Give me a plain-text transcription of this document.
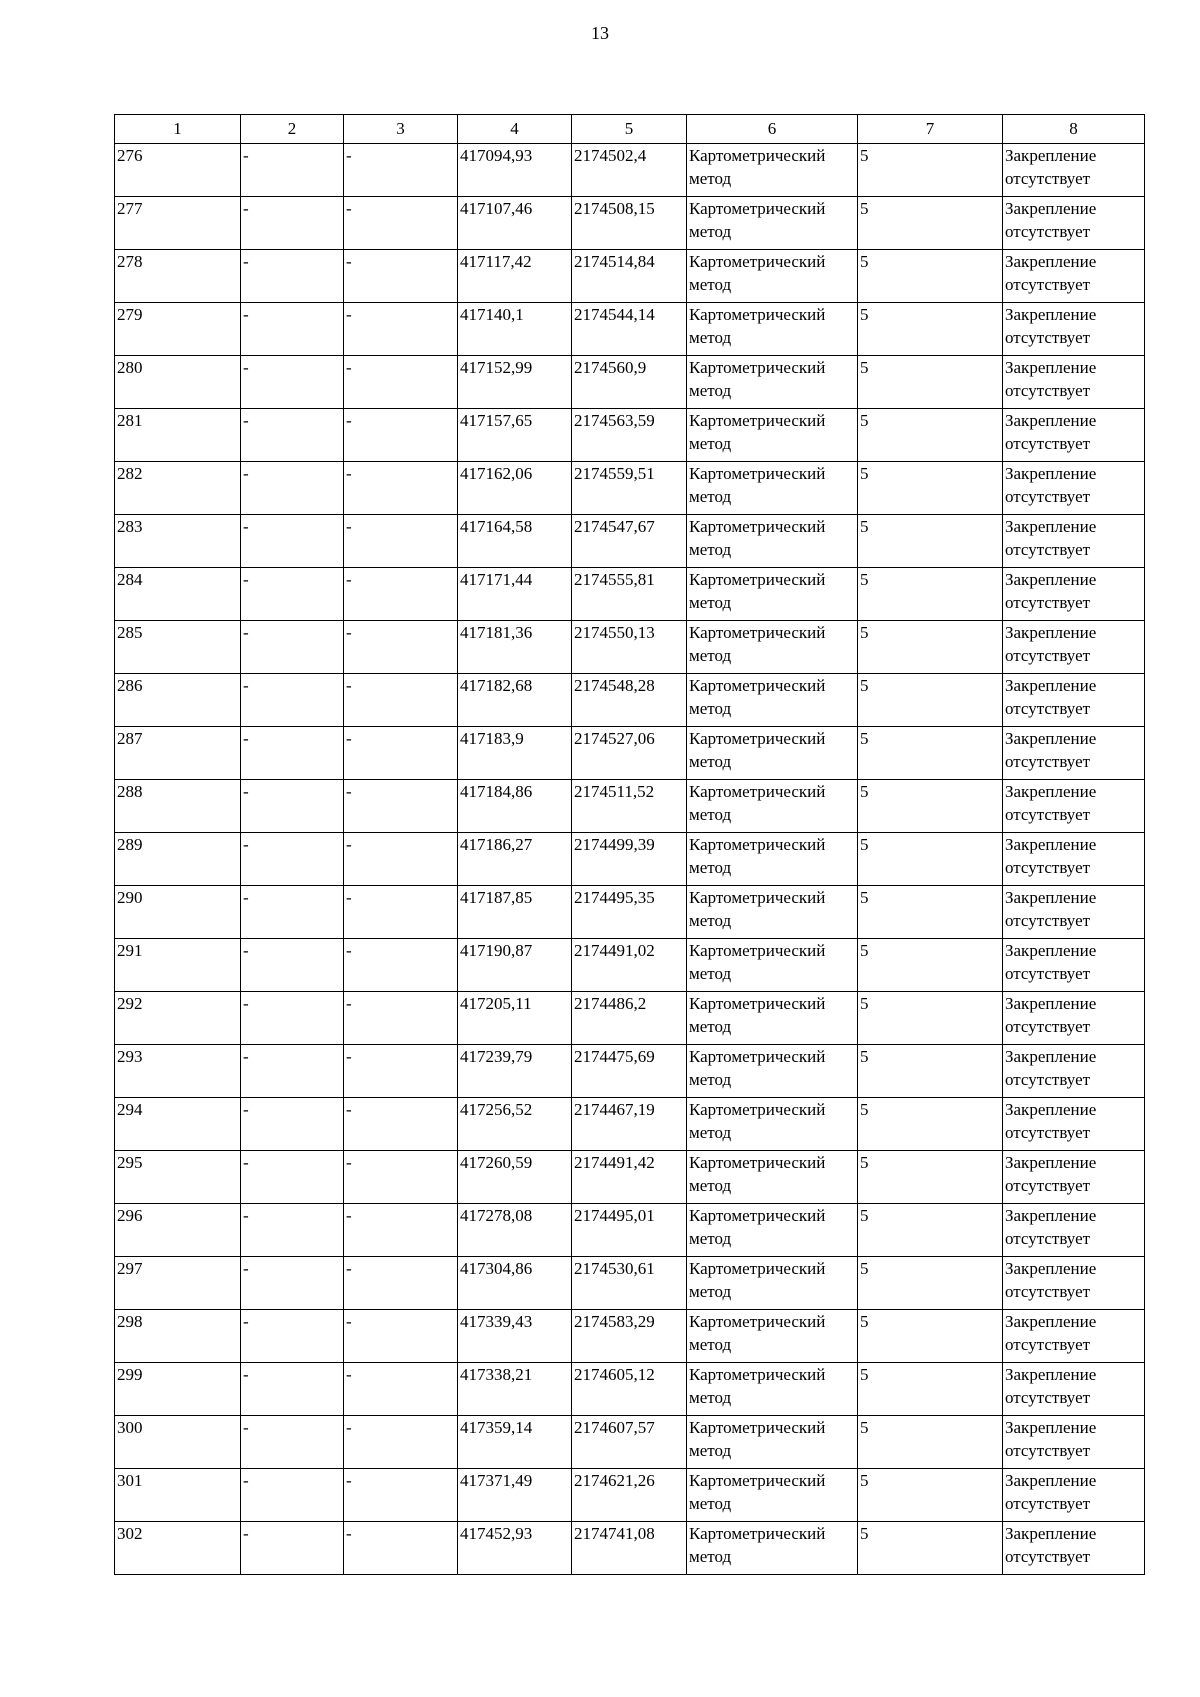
13
1	2	3	4	5	6	7	8
276	-	-	417094,93	2174502,4	Картометрический метод	5	Закрепление отсутствует
277	-	-	417107,46	2174508,15	Картометрический метод	5	Закрепление отсутствует
278	-	-	417117,42	2174514,84	Картометрический метод	5	Закрепление отсутствует
279	-	-	417140,1	2174544,14	Картометрический метод	5	Закрепление отсутствует
280	-	-	417152,99	2174560,9	Картометрический метод	5	Закрепление отсутствует
281	-	-	417157,65	2174563,59	Картометрический метод	5	Закрепление отсутствует
282	-	-	417162,06	2174559,51	Картометрический метод	5	Закрепление отсутствует
283	-	-	417164,58	2174547,67	Картометрический метод	5	Закрепление отсутствует
284	-	-	417171,44	2174555,81	Картометрический метод	5	Закрепление отсутствует
285	-	-	417181,36	2174550,13	Картометрический метод	5	Закрепление отсутствует
286	-	-	417182,68	2174548,28	Картометрический метод	5	Закрепление отсутствует
287	-	-	417183,9	2174527,06	Картометрический метод	5	Закрепление отсутствует
288	-	-	417184,86	2174511,52	Картометрический метод	5	Закрепление отсутствует
289	-	-	417186,27	2174499,39	Картометрический метод	5	Закрепление отсутствует
290	-	-	417187,85	2174495,35	Картометрический метод	5	Закрепление отсутствует
291	-	-	417190,87	2174491,02	Картометрический метод	5	Закрепление отсутствует
292	-	-	417205,11	2174486,2	Картометрический метод	5	Закрепление отсутствует
293	-	-	417239,79	2174475,69	Картометрический метод	5	Закрепление отсутствует
294	-	-	417256,52	2174467,19	Картометрический метод	5	Закрепление отсутствует
295	-	-	417260,59	2174491,42	Картометрический метод	5	Закрепление отсутствует
296	-	-	417278,08	2174495,01	Картометрический метод	5	Закрепление отсутствует
297	-	-	417304,86	2174530,61	Картометрический метод	5	Закрепление отсутствует
298	-	-	417339,43	2174583,29	Картометрический метод	5	Закрепление отсутствует
299	-	-	417338,21	2174605,12	Картометрический метод	5	Закрепление отсутствует
300	-	-	417359,14	2174607,57	Картометрический метод	5	Закрепление отсутствует
301	-	-	417371,49	2174621,26	Картометрический метод	5	Закрепление отсутствует
302	-	-	417452,93	2174741,08	Картометрический метод	5	Закрепление отсутствует
